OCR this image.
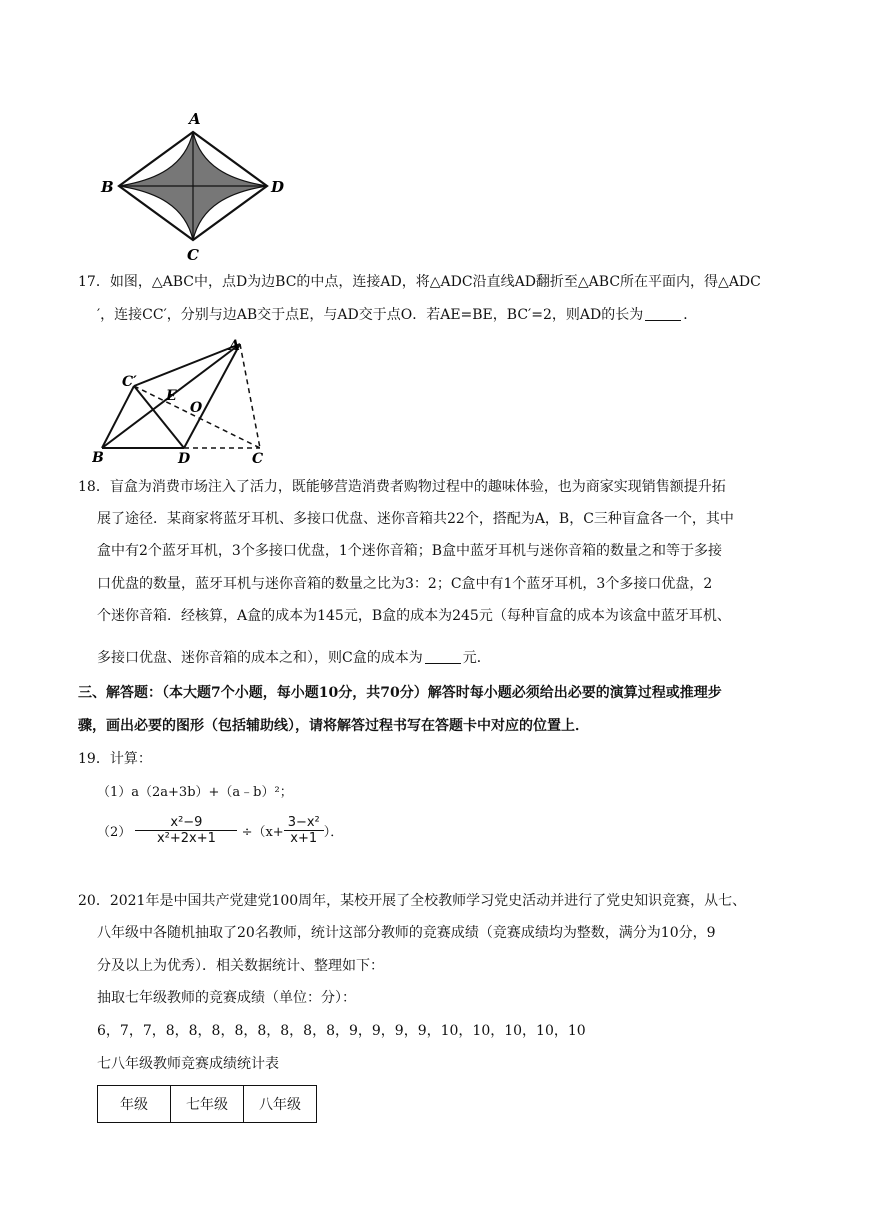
A
B
C
D
17．如图，△ABC中，点D为边BC的中点，连接AD，将△ADC沿直线AD翻折至△ABC所在平面内，得△ADC
′，连接CC′，分别与边AB交于点E，与AD交于点O．若AE=BE，BC′=2，则AD的长为	．
A
B	C
C′
D
E
O
18．盲盒为消费市场注入了活力，既能够营造消费者购物过程中的趣味体验，也为商家实现销售额提升拓
展了途径．某商家将蓝牙耳机、多接口优盘、迷你音箱共22个，搭配为A，B，C三种盲盒各一个，其中
盒中有2个蓝牙耳机，3个多接口优盘，1个迷你音箱；B盒中蓝牙耳机与迷你音箱的数量之和等于多接
口优盘的数量，蓝牙耳机与迷你音箱的数量之比为3：2；C盒中有1个蓝牙耳机，3个多接口优盘，2
个迷你音箱．经核算，A盒的成本为145元，B盒的成本为245元（每种盲盒的成本为该盒中蓝牙耳机、
多接口优盘、迷你音箱的成本之和），则C盒的成本为	元．
三、解答题：（本大题7个小题，每小题10分，共70分）解答时每小题必须给出必要的演算过程或推理步
骤，画出必要的图形（包括辅助线），请将解答过程书写在答题卡中对应的位置上．
19．计算：
（1）a（2a+3b）+（a﹣b）²；
$(2) \frac{\text{x²−9}}{\text{x²+2x+1}} \div(x+ \frac{\text{3−x²}}{x+1}$ ）．
20．2021年是中国共产党建党100周年，某校开展了全校教师学习党史活动并进行了党史知识竞赛，从七、
八年级中各随机抽取了20名教师，统计这部分教师的竞赛成绩（竞赛成绩均为整数，满分为10分，9
分及以上为优秀）．相关数据统计、整理如下：
抽取七年级教师的竞赛成绩（单位：分）：
6，7，7，8，8，8，8，8，8，8，8，9，9，9，9，10，10，10，10，10
七八年级教师竞赛成绩统计表
年级	七年级	八年级
